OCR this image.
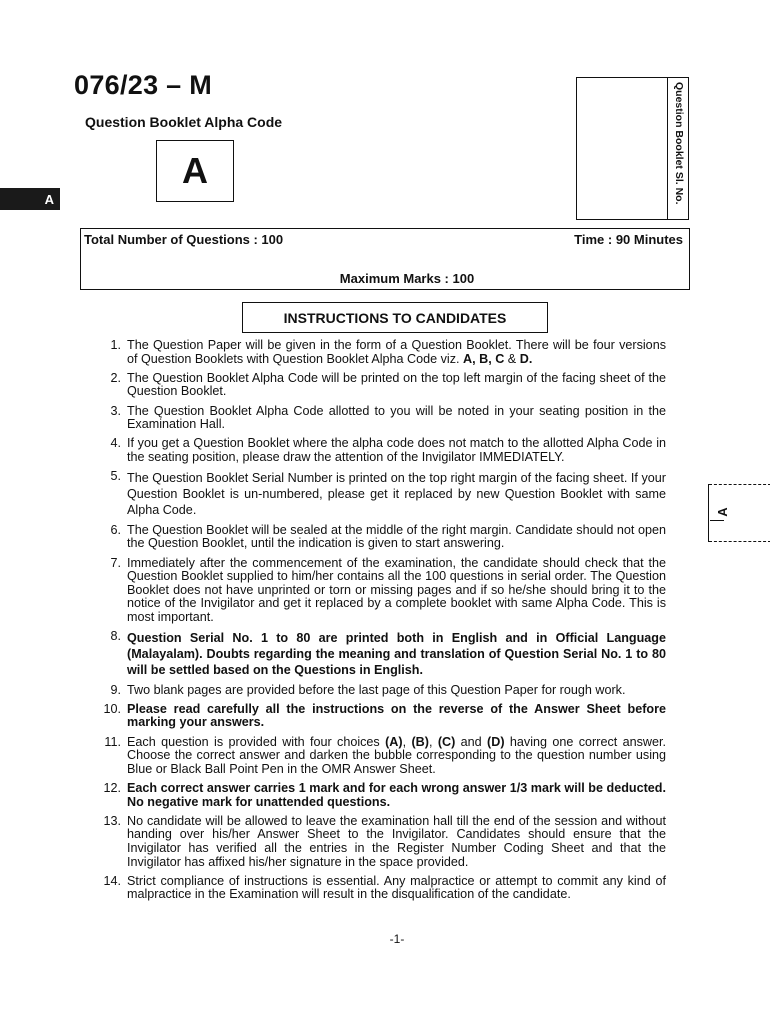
076/23 – M
Question Booklet Alpha Code
A
A	Question Booklet Sl. No.
Total Number of Questions : 100	Time : 90 Minutes
Maximum Marks : 100
INSTRUCTIONS TO CANDIDATES
1. The Question Paper will be given in the form of a Question Booklet. There will be four versions of Question Booklets with Question Booklet Alpha Code viz. A, B, C & D.
2. The Question Booklet Alpha Code will be printed on the top left margin of the facing sheet of the Question Booklet.
3. The Question Booklet Alpha Code allotted to you will be noted in your seating position in the Examination Hall.
4. If you get a Question Booklet where the alpha code does not match to the allotted Alpha Code in the seating position, please draw the attention of the Invigilator IMMEDIATELY.
5. The Question Booklet Serial Number is printed on the top right margin of the facing sheet. If your Question Booklet is un-numbered, please get it replaced by new Question Booklet with same Alpha Code.
6. The Question Booklet will be sealed at the middle of the right margin. Candidate should not open the Question Booklet, until the indication is given to start answering.
7. Immediately after the commencement of the examination, the candidate should check that the Question Booklet supplied to him/her contains all the 100 questions in serial order. The Question Booklet does not have unprinted or torn or missing pages and if so he/she should bring it to the notice of the Invigilator and get it replaced by a complete booklet with same Alpha Code. This is most important.
8. Question Serial No. 1 to 80 are printed both in English and in Official Language (Malayalam). Doubts regarding the meaning and translation of Question Serial No. 1 to 80 will be settled based on the Questions in English.
9. Two blank pages are provided before the last page of this Question Paper for rough work.
10. Please read carefully all the instructions on the reverse of the Answer Sheet before marking your answers.
11. Each question is provided with four choices (A), (B), (C) and (D) having one correct answer. Choose the correct answer and darken the bubble corresponding to the question number using Blue or Black Ball Point Pen in the OMR Answer Sheet.
12. Each correct answer carries 1 mark and for each wrong answer 1/3 mark will be deducted. No negative mark for unattended questions.
13. No candidate will be allowed to leave the examination hall till the end of the session and without handing over his/her Answer Sheet to the Invigilator. Candidates should ensure that the Invigilator has verified all the entries in the Register Number Coding Sheet and that the Invigilator has affixed his/her signature in the space provided.
14. Strict compliance of instructions is essential. Any malpractice or attempt to commit any kind of malpractice in the Examination will result in the disqualification of the candidate.
-1-
A
